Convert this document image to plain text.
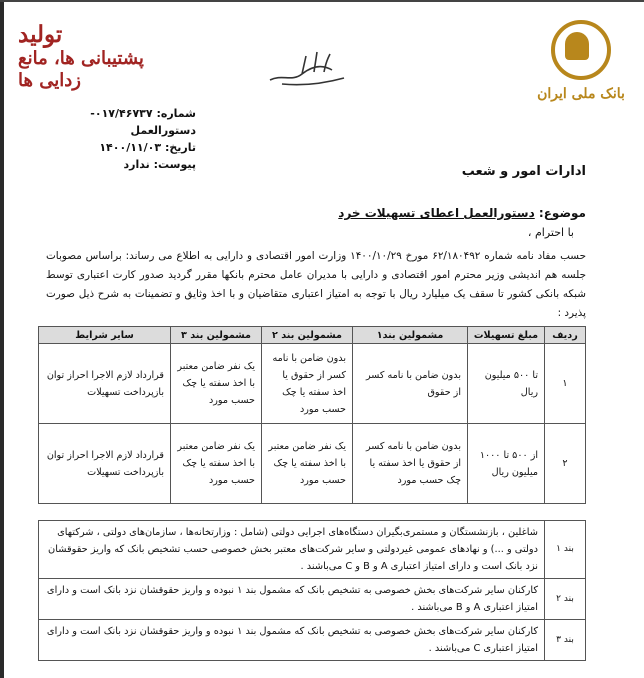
بانک ملی ایران
تولید
پشتیبانی ها، مانع زدایی ها
شماره: ۰۱۷/۴۶۷۳۷-دستورالعمل
تاریخ: ۱۴۰۰/۱۱/۰۳
پیوست: ندارد	ادارات امور و شعب
موضوع: دستورالعمل اعطای تسهیلات خرد
با احترام ،
حسب مفاد نامه شماره ۶۲/۱۸۰۴۹۲ مورخ ۱۴۰۰/۱۰/۲۹ وزارت امور اقتصادی و دارایی به اطلاع می رساند: براساس مصوبات جلسه هم اندیشی وزیر محترم امور اقتصادی و دارایی با مدیران عامل محترم بانکها مقرر گردید صدور کارت اعتباری توسط شبکه بانکی کشور تا سقف یک میلیارد ریال با توجه به امتیاز اعتباری متقاضیان و با اخذ وثایق و تضمینات به شرح ذیل صورت پذیرد :
ردیف	مبلغ تسهیلات	مشمولین بند۱	مشمولین بند ۲	مشمولین بند ۳	سایر شرایط
۱	تا ۵۰۰ میلیون ریال	بدون ضامن با نامه کسر از حقوق	بدون ضامن با نامه کسر از حقوق یا اخذ سفته یا چک حسب مورد	یک نفر ضامن معتبر با اخذ سفته یا چک حسب مورد	قرارداد لازم الاجرا احراز توان بازپرداخت تسهیلات
۲	از ۵۰۰ تا ۱۰۰۰ میلیون ریال	بدون ضامن با نامه کسر از حقوق یا اخذ سفته یا چک حسب مورد	یک نفر ضامن معتبر با اخذ سفته یا چک حسب مورد	یک نفر ضامن معتبر با اخذ سفته یا چک حسب مورد	قرارداد لازم الاجرا احراز توان بازپرداخت تسهیلات
بند ۱	شاغلین ، بازنشستگان و مستمری‌بگیران دستگاه‌های اجرایی دولتی (شامل : وزارتخانه‌ها ، سازمان‌های دولتی ، شرکتهای دولتی و ...) و نهادهای عمومی غیردولتی و سایر شرکت‌های معتبر بخش خصوصی حسب تشخیص بانک که واریز حقوقشان نزد بانک است و دارای امتیاز اعتباری A و B و C می‌باشند .
بند ۲	کارکنان سایر شرکت‌های بخش خصوصی به تشخیص بانک که مشمول بند ۱ نبوده و واریز حقوقشان نزد بانک است و دارای امتیاز اعتباری A و B می‌باشند .
بند ۳	کارکنان سایر شرکت‌های بخش خصوصی به تشخیص بانک که مشمول بند ۱ نبوده و واریز حقوقشان نزد بانک است و دارای امتیاز اعتباری C می‌باشند .
